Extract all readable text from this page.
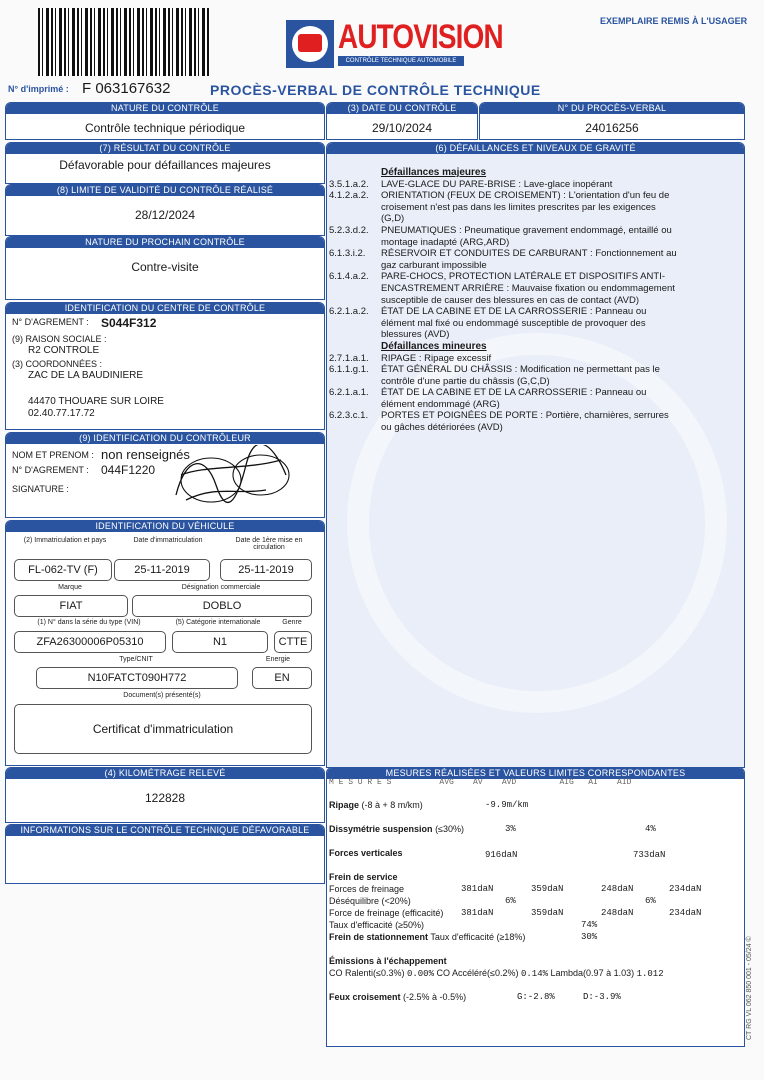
AUTOVISION
CONTRÔLE TECHNIQUE AUTOMOBILE
EXEMPLAIRE REMIS À L'USAGER
N° d'imprimé : F 063167632	PROCÈS-VERBAL DE CONTRÔLE TECHNIQUE
NATURE DU CONTRÔLE
Contrôle technique périodique
(3) DATE DU CONTRÔLE
29/10/2024
N° DU PROCÈS-VERBAL
24016256
(7) RÉSULTAT DU CONTRÔLE
Défavorable pour défaillances majeures
(8) LIMITE DE VALIDITÉ DU CONTRÔLE RÉALISÉ
28/12/2024
NATURE DU PROCHAIN CONTRÔLE
Contre-visite
IDENTIFICATION DU CENTRE DE CONTRÔLE
N° D'AGREMENT : S044F312
(9) RAISON SOCIALE :
R2 CONTROLE
(3) COORDONNÉES :
ZAC DE LA BAUDINIERE
44470 THOUARE SUR LOIRE
02.40.77.17.72
(9) IDENTIFICATION DU CONTRÔLEUR
NOM ET PRENOM : non renseignés
N° D'AGREMENT : 044F1220
SIGNATURE :
IDENTIFICATION DU VÉHICULE
(2) Immatriculation et pays	Date d'immatriculation	Date de 1ère mise en circulation
FL-062-TV (F)	25-11-2019	25-11-2019
Marque	Désignation commerciale
FIAT	DOBLO
(1) N° dans la série du type (VIN)	(5) Catégorie internationale	Genre
ZFA26300006P05310	N1	CTTE
Type/CNIT	Energie
N10FATCT090H772	EN
Document(s) présenté(s)
Certificat d'immatriculation
(4) KILOMÉTRAGE RELEVÉ
122828
INFORMATIONS SUR LE CONTRÔLE TECHNIQUE DÉFAVORABLE
(6) DÉFAILLANCES ET NIVEAUX DE GRAVITÉ
Défaillances majeures
3.5.1.a.2.	LAVE-GLACE DU PARE-BRISE : Lave-glace inopérant
4.1.2.a.2.	ORIENTATION (FEUX DE CROISEMENT) : L'orientation d'un feu de croisement n'est pas dans les limites prescrites par les exigences (G,D)
5.2.3.d.2.	PNEUMATIQUES : Pneumatique gravement endommagé, entaillé ou montage inadapté (ARG,ARD)
6.1.3.i.2.	RÉSERVOIR ET CONDUITES DE CARBURANT : Fonctionnement au gaz carburant impossible
6.1.4.a.2.	PARE-CHOCS, PROTECTION LATÉRALE ET DISPOSITIFS ANTI-ENCASTREMENT ARRIÈRE : Mauvaise fixation ou endommagement susceptible de causer des blessures en cas de contact (AVD)
6.2.1.a.2.	ÉTAT DE LA CABINE ET DE LA CARROSSERIE : Panneau ou élément mal fixé ou endommagé susceptible de provoquer des blessures (AVD)
Défaillances mineures
2.7.1.a.1.	RIPAGE : Ripage excessif
6.1.1.g.1.	ÉTAT GÉNÉRAL DU CHÂSSIS : Modification ne permettant pas le contrôle d'une partie du châssis (G,C,D)
6.2.1.a.1.	ÉTAT DE LA CABINE ET DE LA CARROSSERIE : Panneau ou élément endommagé (ARG)
6.2.3.c.1.	PORTES ET POIGNÉES DE PORTE : Portière, charnières, serrures ou gâches détériorées (AVD)
MESURES RÉALISÉES ET VALEURS LIMITES CORRESPONDANTES
M E S U R E S          AVG    AV    AVD         AIG   AI    AID
Ripage (-8 à + 8 m/km)	-9.9m/km
Dissymétrie suspension (≤30%)	3%	4%
Forces verticales	916daN	733daN
Frein de service
Forces de freinage	381daN	359daN	248daN	234daN
Déséquilibre (<20%)	6%	6%
Force de freinage (efficacité) 381daN	359daN	248daN	234daN
Taux d'efficacité (≥50%)	74%
Frein de stationnement Taux d'efficacité (≥18%)	30%
Émissions à l'échappement
CO Ralenti(≤0.3%) 0.00% CO Accéléré(≤0.2%) 0.14% Lambda(0.97 à 1.03) 1.012
Feux croisement (-2.5% à -0.5%)	G:-2.8%	D:-3.9%	CT RG VL 062 850 001 - 05/24 ©
